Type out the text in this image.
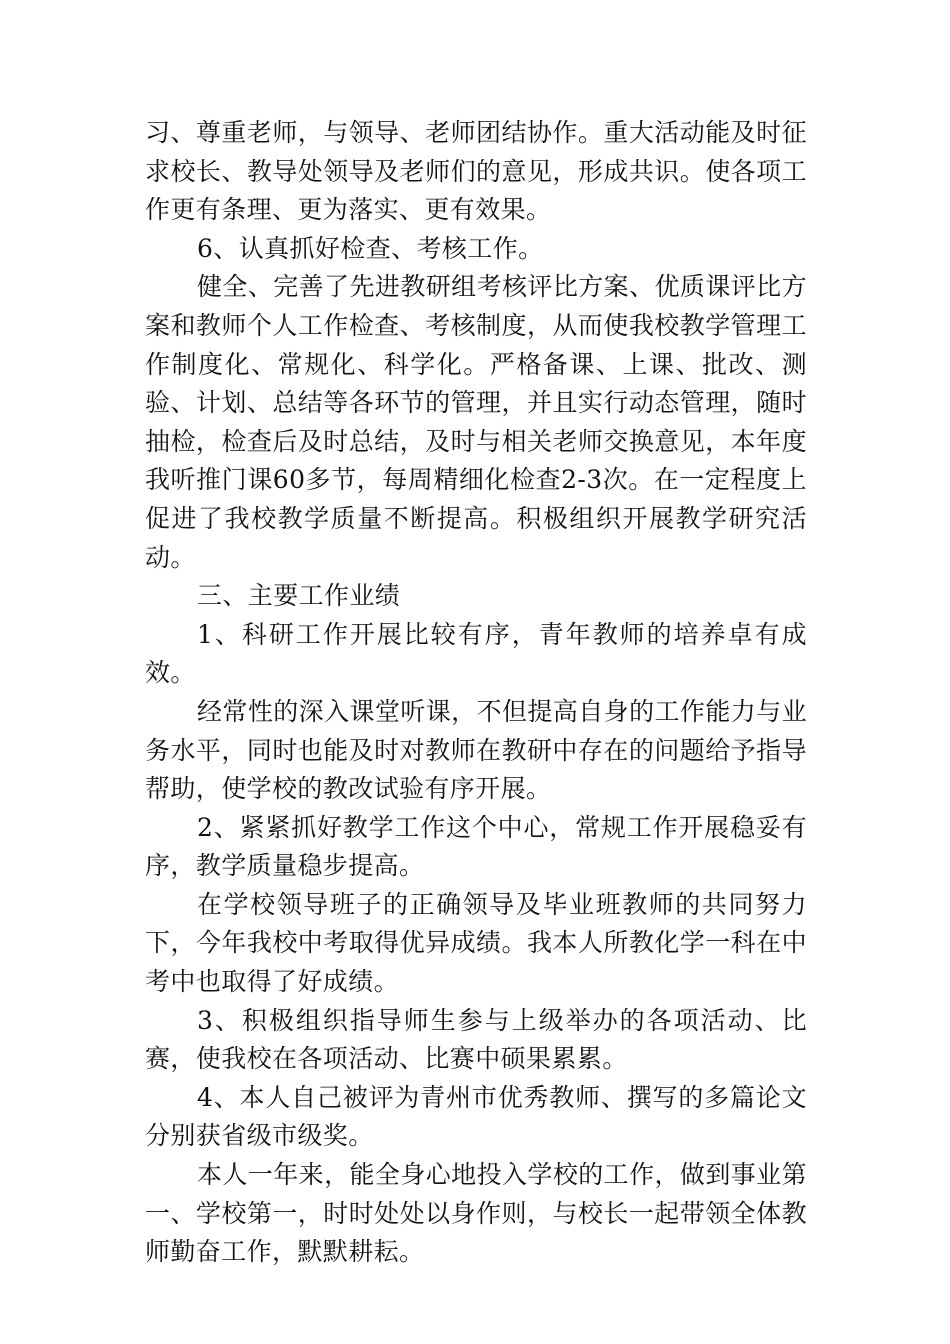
习、尊重老师，与领导、老师团结协作。重大活动能及时征求校长、教导处领导及老师们的意见，形成共识。使各项工作更有条理、更为落实、更有效果。

6、认真抓好检查、考核工作。

健全、完善了先进教研组考核评比方案、优质课评比方案和教师个人工作检查、考核制度，从而使我校教学管理工作制度化、常规化、科学化。严格备课、上课、批改、测验、计划、总结等各环节的管理，并且实行动态管理，随时抽检，检查后及时总结，及时与相关老师交换意见，本年度我听推门课60多节，每周精细化检查2-3次。在一定程度上促进了我校教学质量不断提高。积极组织开展教学研究活动。

三、主要工作业绩

1、科研工作开展比较有序，青年教师的培养卓有成效。

经常性的深入课堂听课，不但提高自身的工作能力与业务水平，同时也能及时对教师在教研中存在的问题给予指导帮助，使学校的教改试验有序开展。

2、紧紧抓好教学工作这个中心，常规工作开展稳妥有序，教学质量稳步提高。

在学校领导班子的正确领导及毕业班教师的共同努力下，今年我校中考取得优异成绩。我本人所教化学一科在中考中也取得了好成绩。

3、积极组织指导师生参与上级举办的各项活动、比赛，使我校在各项活动、比赛中硕果累累。

4、本人自己被评为青州市优秀教师、撰写的多篇论文分别获省级市级奖。

本人一年来，能全身心地投入学校的工作，做到事业第一、学校第一，时时处处以身作则，与校长一起带领全体教师勤奋工作，默默耕耘。
